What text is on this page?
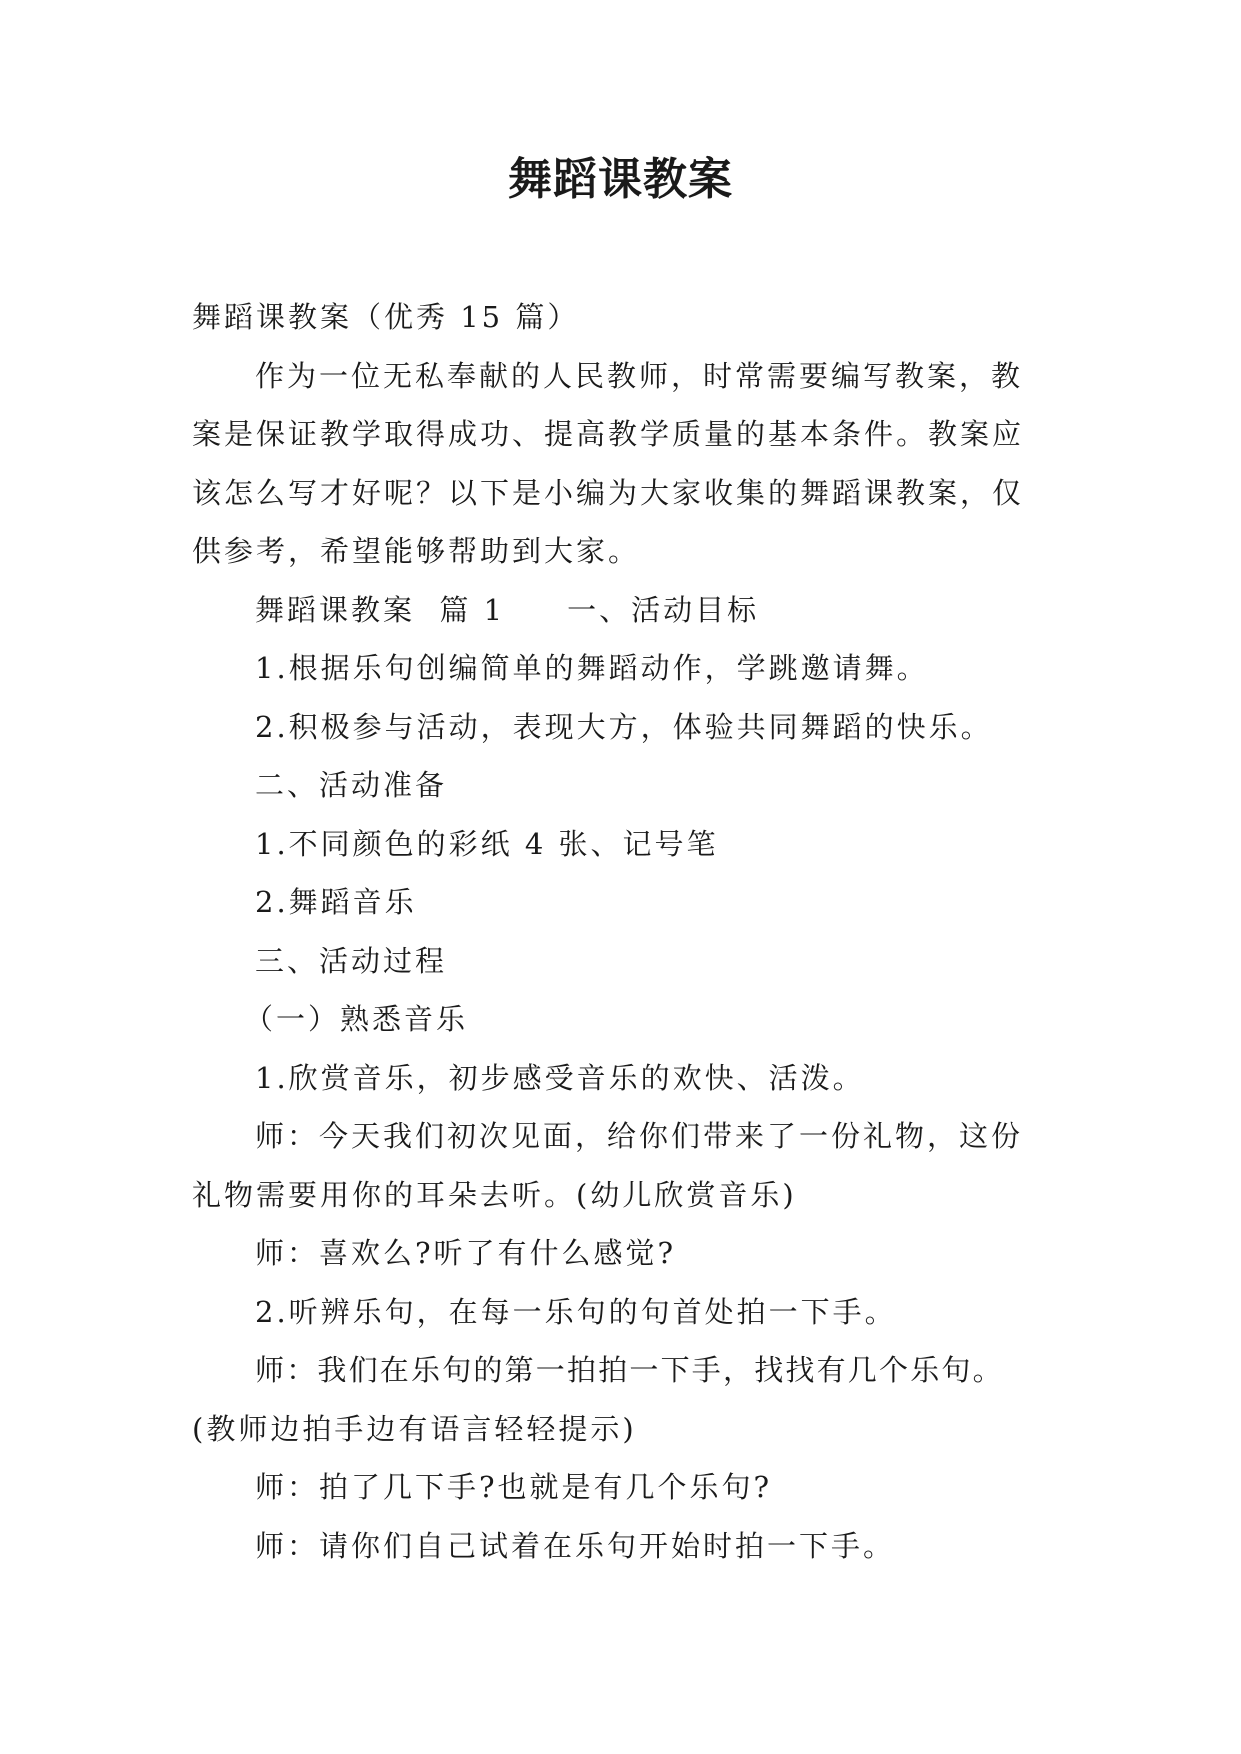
舞蹈课教案

舞蹈课教案（优秀 15 篇）

作为一位无私奉献的人民教师，时常需要编写教案，教

案是保证教学取得成功、提高教学质量的基本条件。教案应

该怎么写才好呢？以下是小编为大家收集的舞蹈课教案，仅

供参考，希望能够帮助到大家。

舞蹈课教案  篇 1 一、活动目标

1.根据乐句创编简单的舞蹈动作，学跳邀请舞。

2.积极参与活动，表现大方，体验共同舞蹈的快乐。

二、活动准备

1.不同颜色的彩纸 4 张、记号笔

2.舞蹈音乐

三、活动过程

（一）熟悉音乐

1.欣赏音乐，初步感受音乐的欢快、活泼。

师：今天我们初次见面，给你们带来了一份礼物，这份

礼物需要用你的耳朵去听。(幼儿欣赏音乐)

师：喜欢么?听了有什么感觉?

2.听辨乐句，在每一乐句的句首处拍一下手。

师：我们在乐句的第一拍拍一下手，找找有几个乐句。

(教师边拍手边有语言轻轻提示)

师：拍了几下手?也就是有几个乐句?

师：请你们自己试着在乐句开始时拍一下手。
